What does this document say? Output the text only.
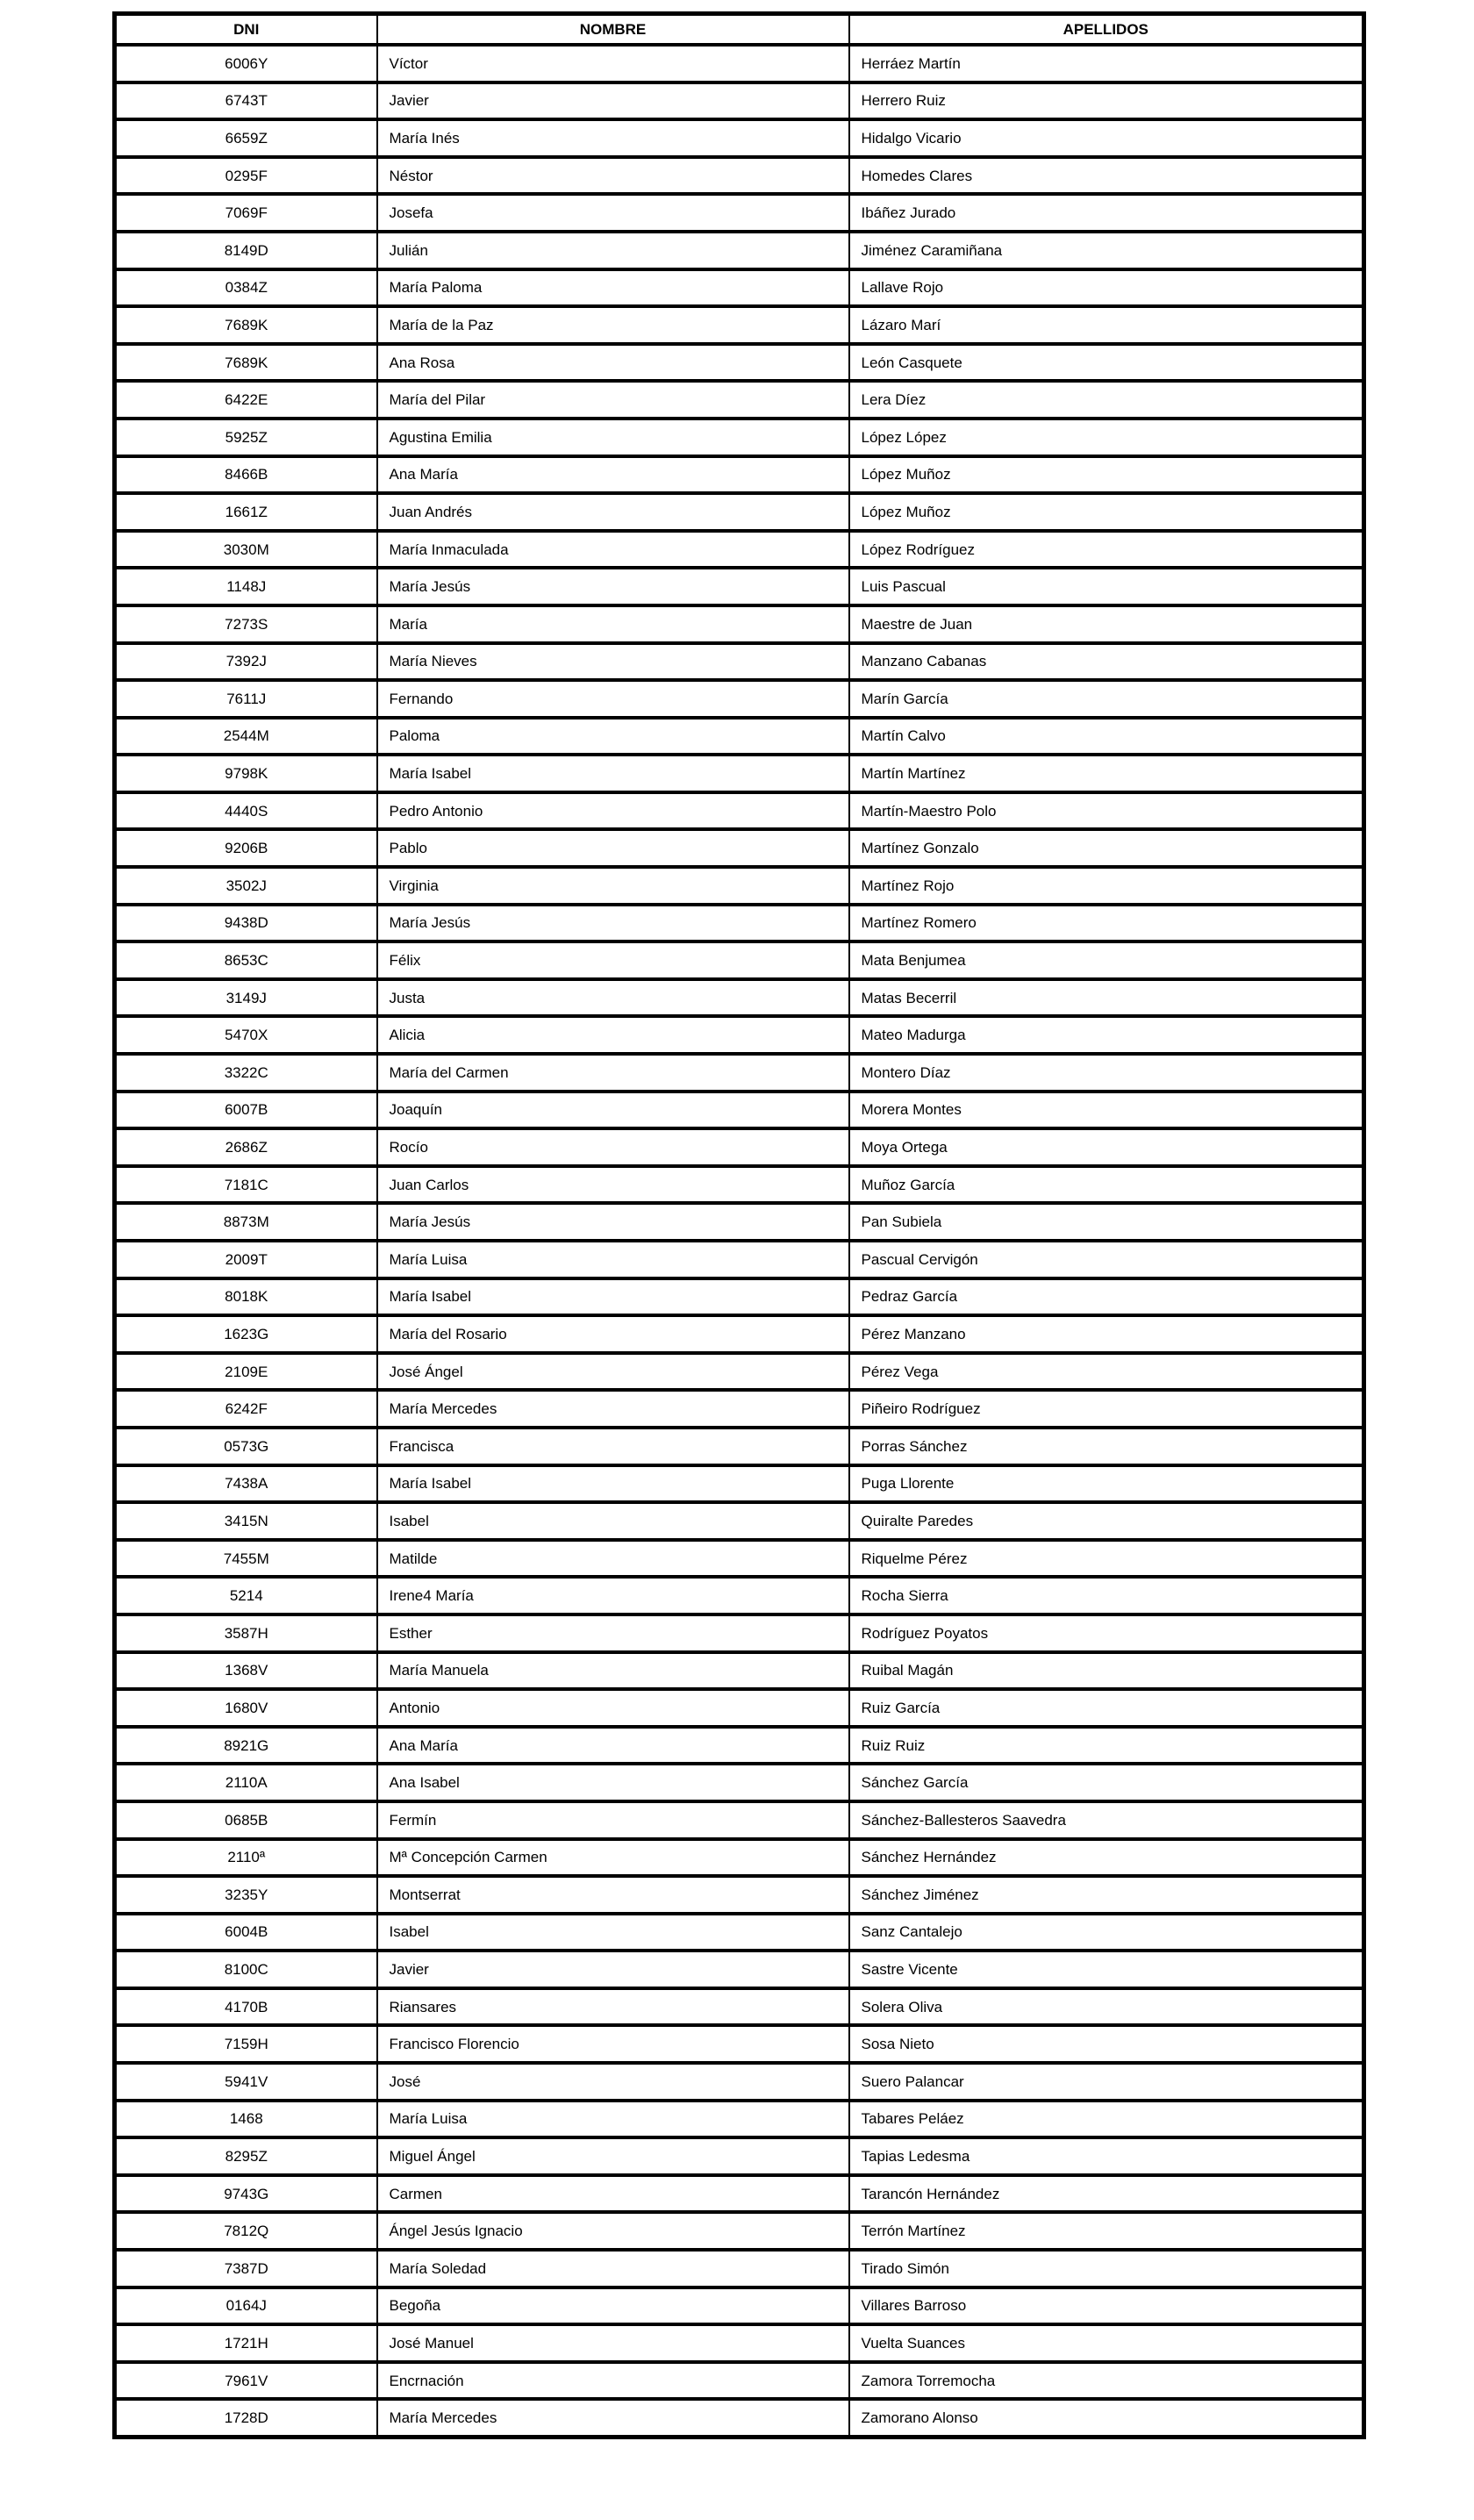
DNI	NOMBRE	APELLIDOS
6006Y	Víctor	Herráez Martín
6743T	Javier	Herrero Ruiz
6659Z	María Inés	Hidalgo Vicario
0295F	Néstor	Homedes Clares
7069F	Josefa	Ibáñez Jurado
8149D	Julián	Jiménez Caramiñana
0384Z	María Paloma	Lallave Rojo
7689K	María de la Paz	Lázaro Marí
7689K	Ana Rosa	León Casquete
6422E	María del Pilar	Lera Díez
5925Z	Agustina Emilia	López López
8466B	Ana María	López Muñoz
1661Z	Juan Andrés	López Muñoz
3030M	María Inmaculada	López Rodríguez
1148J	María Jesús	Luis Pascual
7273S	María	Maestre de Juan
7392J	María Nieves	Manzano Cabanas
7611J	Fernando	Marín García
2544M	Paloma	Martín Calvo
9798K	María Isabel	Martín Martínez
4440S	Pedro Antonio	Martín-Maestro Polo
9206B	Pablo	Martínez Gonzalo
3502J	Virginia	Martínez Rojo
9438D	María Jesús	Martínez Romero
8653C	Félix	Mata Benjumea
3149J	Justa	Matas Becerril
5470X	Alicia	Mateo Madurga
3322C	María del Carmen	Montero Díaz
6007B	Joaquín	Morera Montes
2686Z	Rocío	Moya Ortega
7181C	Juan Carlos	Muñoz García
8873M	María Jesús	Pan Subiela
2009T	María Luisa	Pascual Cervigón
8018K	María Isabel	Pedraz García
1623G	María del Rosario	Pérez Manzano
2109E	José Ángel	Pérez Vega
6242F	María Mercedes	Piñeiro Rodríguez
0573G	Francisca	Porras Sánchez
7438A	María Isabel	Puga Llorente
3415N	Isabel	Quiralte Paredes
7455M	Matilde	Riquelme Pérez
5214	Irene4 María	Rocha Sierra
3587H	Esther	Rodríguez Poyatos
1368V	María Manuela	Ruibal Magán
1680V	Antonio	Ruiz García
8921G	Ana María	Ruiz Ruiz
2110A	Ana Isabel	Sánchez García
0685B	Fermín	Sánchez-Ballesteros Saavedra
2110ª	Mª Concepción Carmen	Sánchez Hernández
3235Y	Montserrat	Sánchez Jiménez
6004B	Isabel	Sanz Cantalejo
8100C	Javier	Sastre Vicente
4170B	Riansares	Solera Oliva
7159H	Francisco Florencio	Sosa Nieto
5941V	José	Suero Palancar
1468	María Luisa	Tabares Peláez
8295Z	Miguel Ángel	Tapias Ledesma
9743G	Carmen	Tarancón Hernández
7812Q	Ángel Jesús Ignacio	Terrón Martínez
7387D	María Soledad	Tirado Simón
0164J	Begoña	Villares Barroso
1721H	José Manuel	Vuelta Suances
7961V	Encrnación	Zamora Torremocha
1728D	María Mercedes	Zamorano Alonso
